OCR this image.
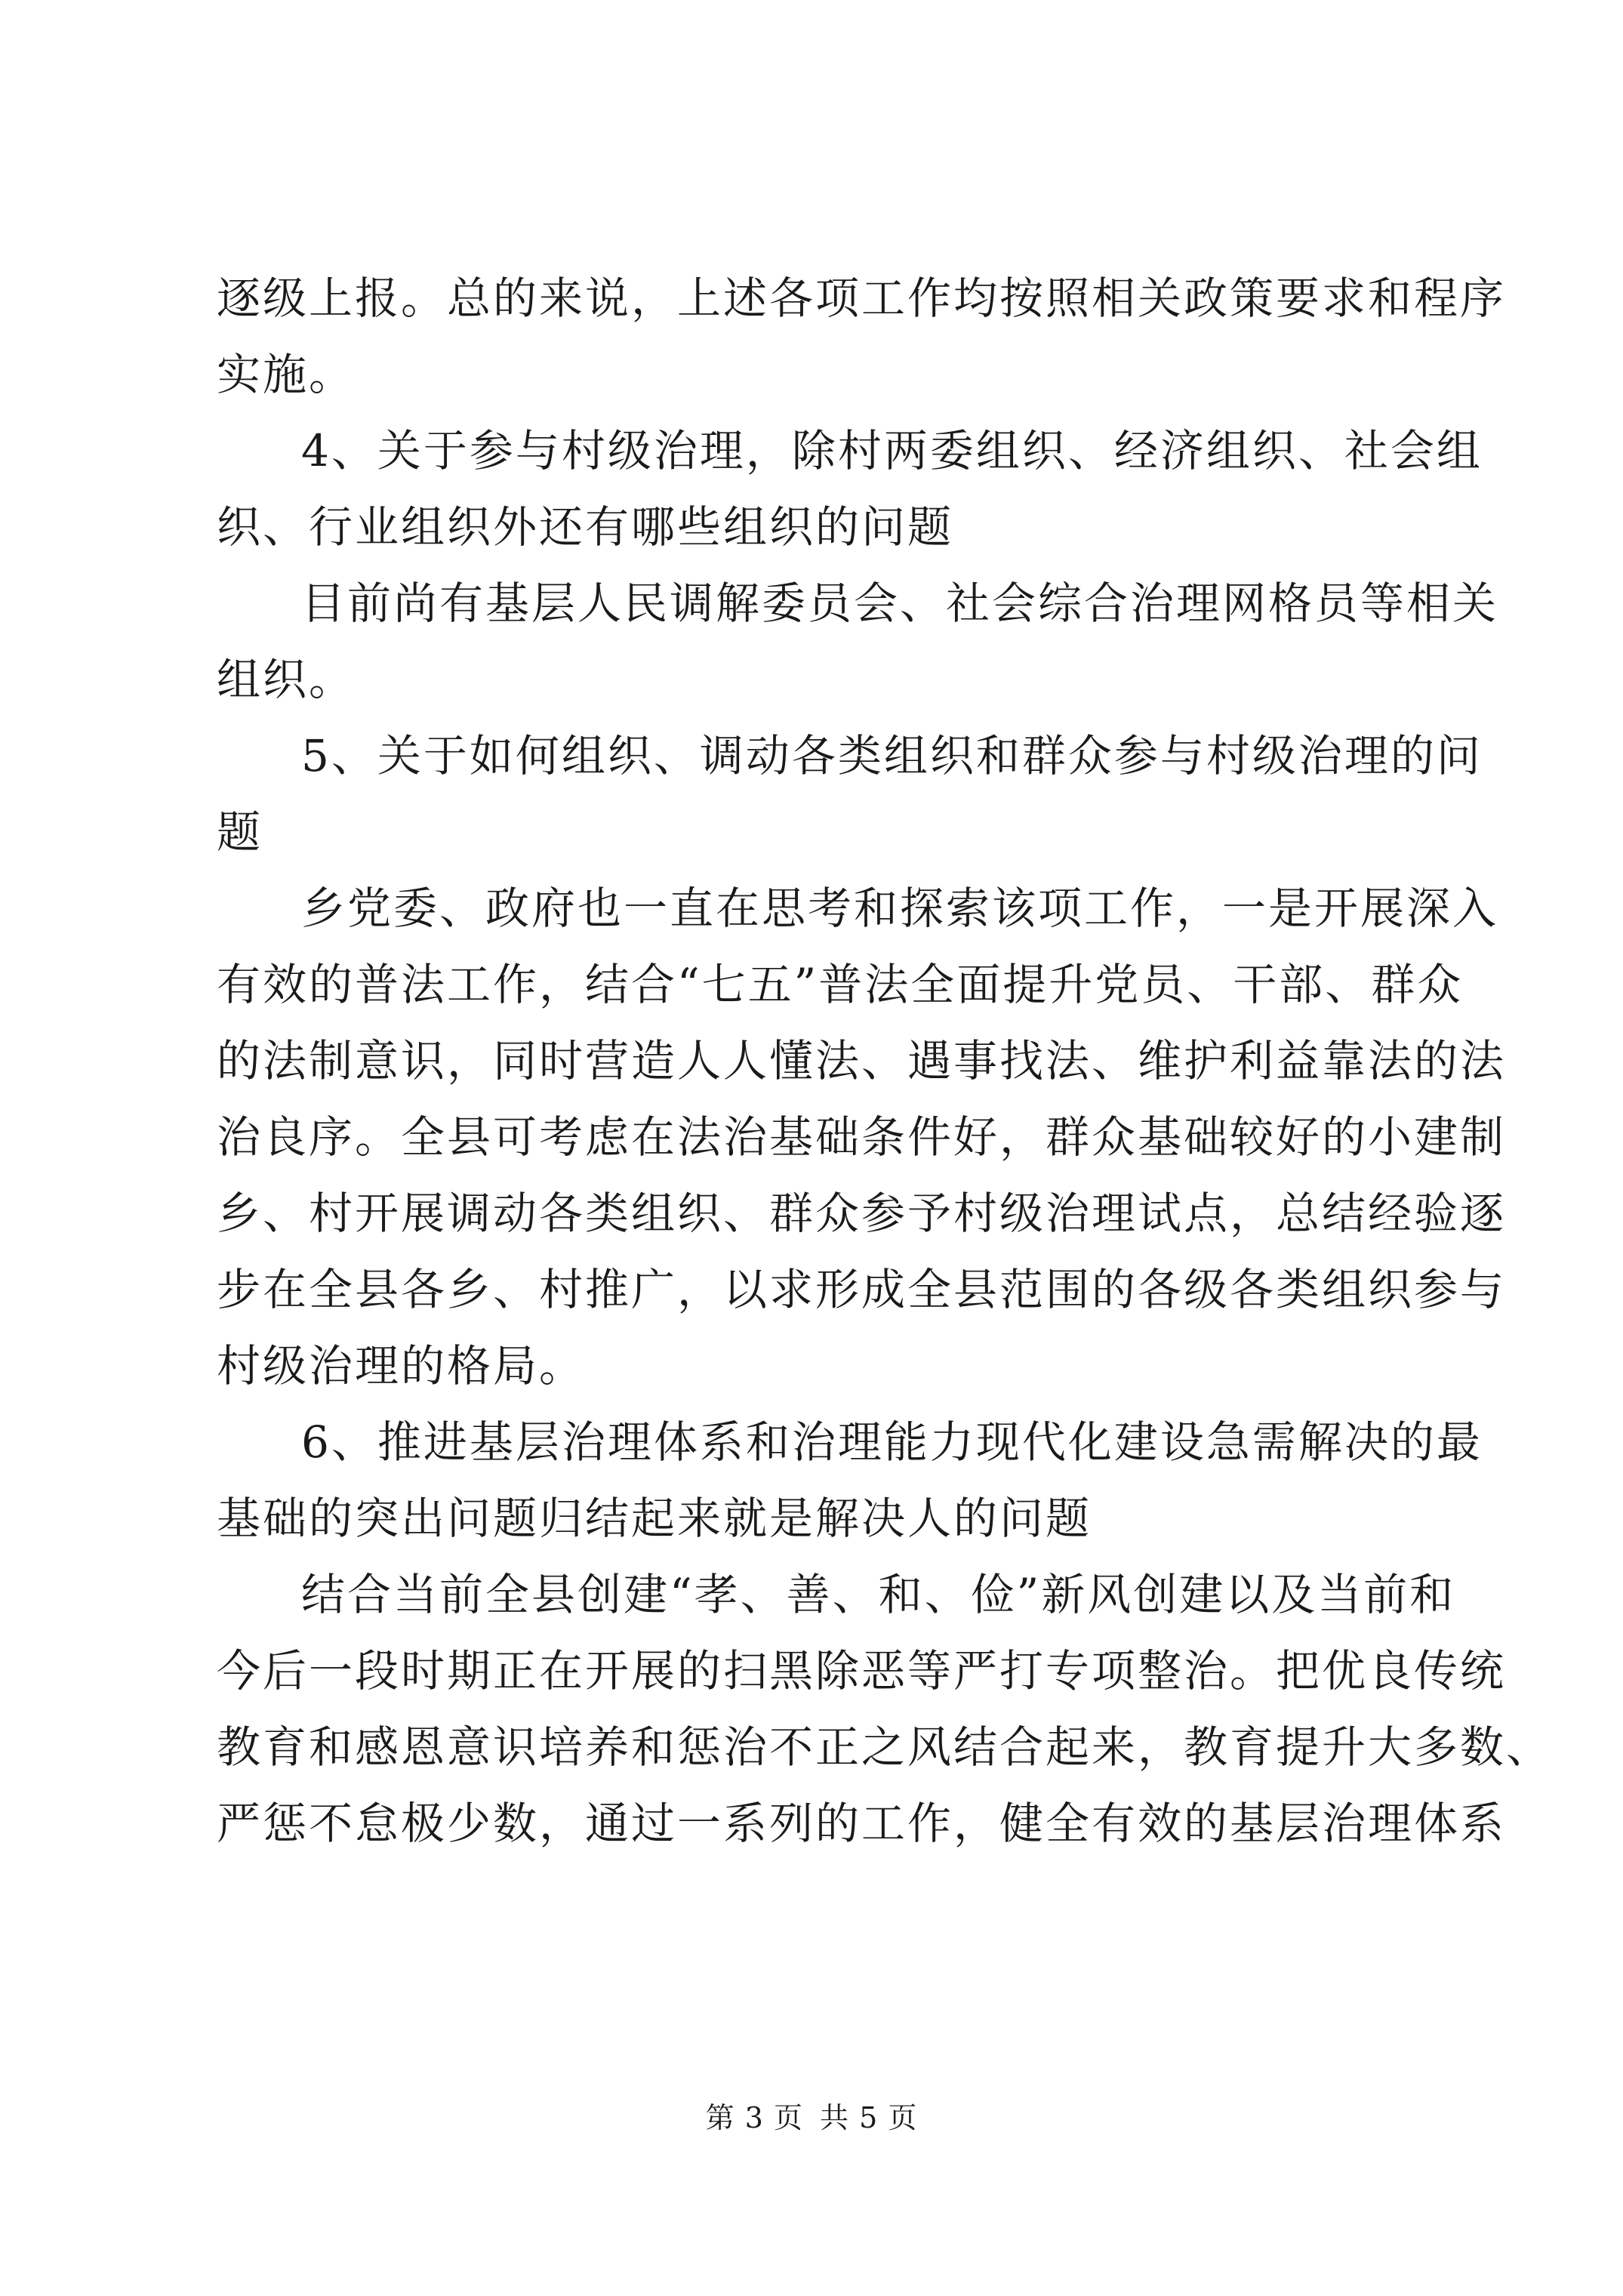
逐级上报。总的来说，上述各项工作均按照相关政策要求和程序
实施。
4、关于参与村级治理，除村两委组织、经济组织、社会组
织、行业组织外还有哪些组织的问题
目前尚有基层人民调解委员会、社会综合治理网格员等相关
组织。
5、关于如何组织、调动各类组织和群众参与村级治理的问
题
乡党委、政府也一直在思考和探索该项工作，一是开展深入
有效的普法工作，结合“七五”普法全面提升党员、干部、群众
的法制意识，同时营造人人懂法、遇事找法、维护利益靠法的法
治良序。全县可考虑在法治基础条件好，群众基础较好的小建制
乡、村开展调动各类组织、群众参予村级治理试点，总结经验逐
步在全县各乡、村推广，以求形成全县范围的各级各类组织参与
村级治理的格局。
6、推进基层治理体系和治理能力现代化建设急需解决的最
基础的突出问题归结起来就是解决人的问题
结合当前全县创建“孝、善、和、俭”新风创建以及当前和
今后一段时期正在开展的扫黑除恶等严打专项整治。把优良传统
教育和感恩意识培养和惩治不正之风结合起来，教育提升大多数、
严惩不怠极少数，通过一系列的工作，健全有效的基层治理体系
第 3 页 共 5 页
